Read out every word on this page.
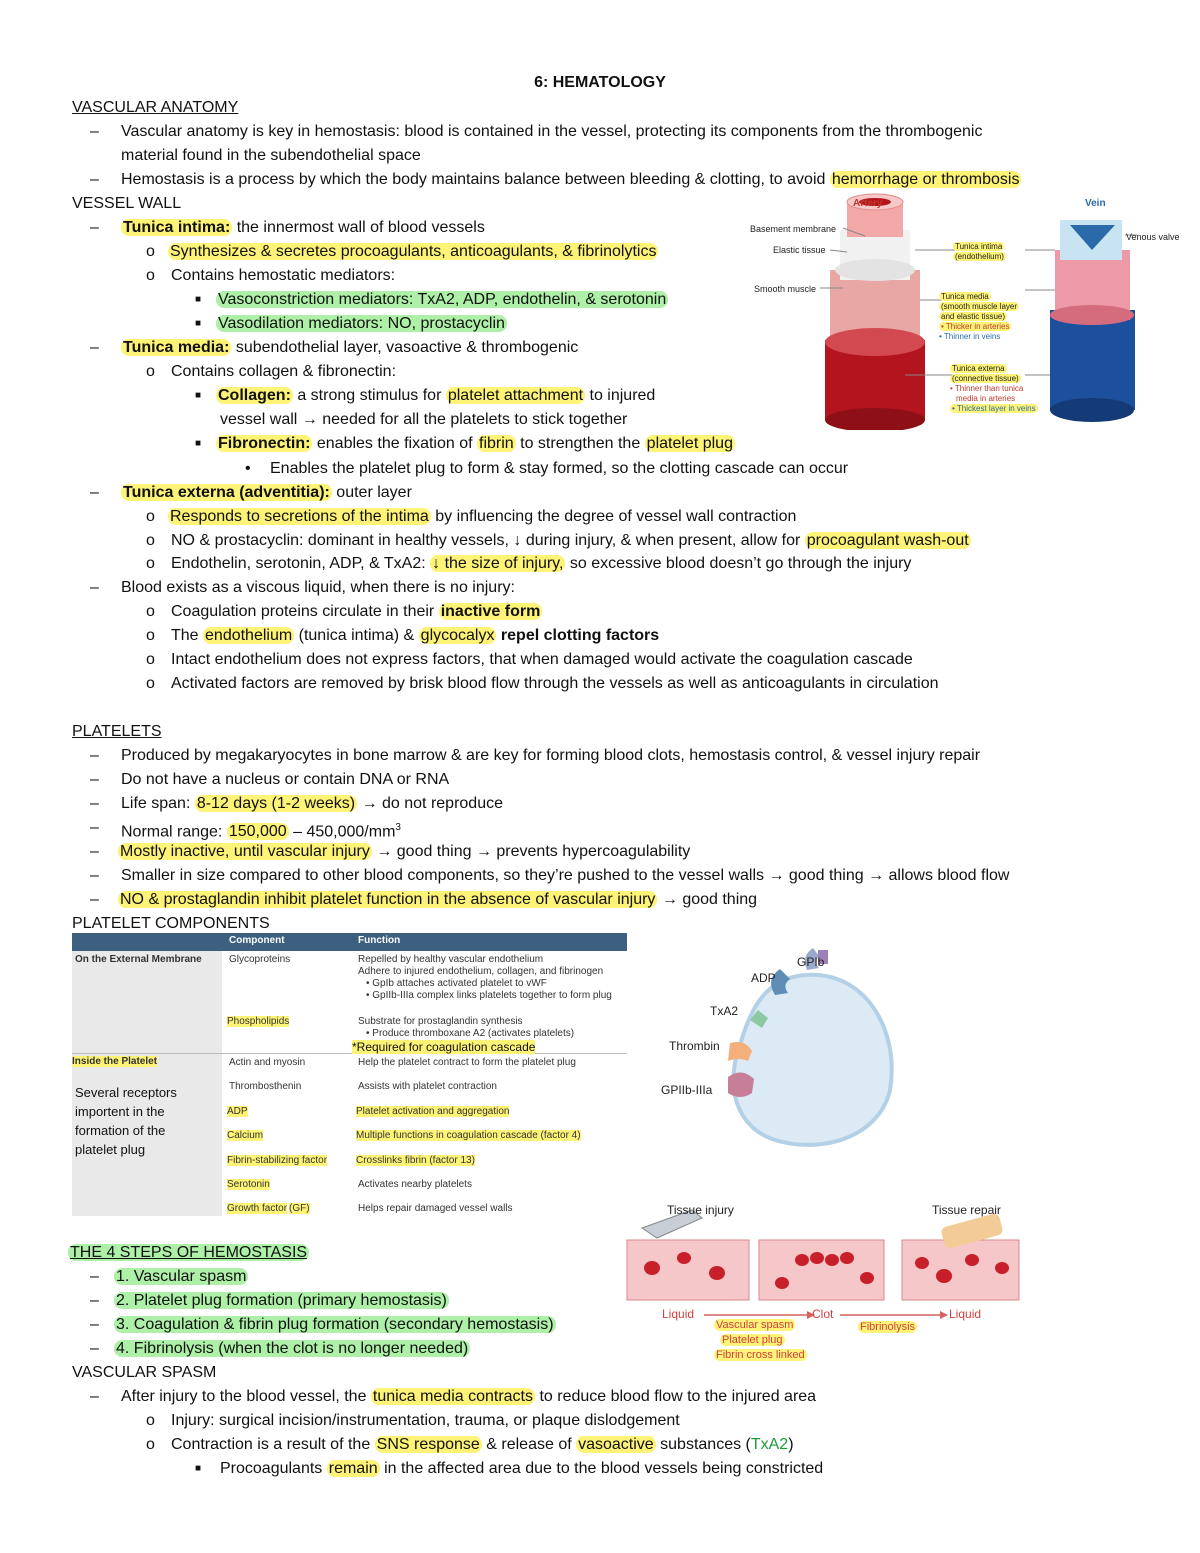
6: HEMATOLOGY
VASCULAR ANATOMY
– Vascular anatomy is key in hemostasis: blood is contained in the vessel, protecting its components from the thrombogenic
material found in the subendothelial space
– Hemostasis is a process by which the body maintains balance between bleeding & clotting, to avoid hemorrhage or thrombosis
VESSEL WALL
– Tunica intima: the innermost wall of blood vessels
o Synthesizes & secretes procoagulants, anticoagulants, & fibrinolytics
o Contains hemostatic mediators:
■ Vasoconstriction mediators: TxA2, ADP, endothelin, & serotonin
■ Vasodilation mediators: NO, prostacyclin
– Tunica media: subendothelial layer, vasoactive & thrombogenic
o Contains collagen & fibronectin:
■ Collagen: a strong stimulus for platelet attachment to injured
vessel wall → needed for all the platelets to stick together
■ Fibronectin: enables the fixation of fibrin to strengthen the platelet plug
• Enables the platelet plug to form & stay formed, so the clotting cascade can occur
– Tunica externa (adventitia): outer layer
o Responds to secretions of the intima by influencing the degree of vessel wall contraction
o NO & prostacyclin: dominant in healthy vessels, ↓ during injury, & when present, allow for procoagulant wash-out
o Endothelin, serotonin, ADP, & TxA2: ↓ the size of injury, so excessive blood doesn’t go through the injury
– Blood exists as a viscous liquid, when there is no injury:
o Coagulation proteins circulate in their inactive form
o The endothelium (tunica intima) & glycocalyx repel clotting factors
o Intact endothelium does not express factors, that when damaged would activate the coagulation cascade
o Activated factors are removed by brisk blood flow through the vessels as well as anticoagulants in circulation
Artery	Vein
Basement membrane
Elastic tissue
Smooth muscle
Venous valve
Tunica intima
(endothelium)
Tunica media
(smooth muscle layer
and elastic tissue)
• Thicker in arteries
• Thinner in veins
Tunica externa
(connective tissue)
• Thinner than tunica
media in arteries
• Thickest layer in veins
PLATELETS
– Produced by megakaryocytes in bone marrow & are key for forming blood clots, hemostasis control, & vessel injury repair
– Do not have a nucleus or contain DNA or RNA
– Life span: 8-12 days (1-2 weeks) → do not reproduce
– Normal range: $150,000 - 450,000/mm^3$
– Mostly inactive, until vascular injury → good thing → prevents hypercoagulability
– Smaller in size compared to other blood components, so they’re pushed to the vessel walls → good thing → allows blood flow
– NO & prostaglandin inhibit platelet function in the absence of vascular injury → good thing
PLATELET COMPONENTS
Component	Function
On the External Membrane
Inside the Platelet
Several receptors
importent in the
formation of the
platelet plug
Glycoproteins	Repelled by healthy vascular endothelium
Adhere to injured endothelium, collagen, and fibrinogen
• GpIb attaches activated platelet to vWF
• GpIIb-IIIa complex links platelets together to form plug
Phospholipids	Substrate for prostaglandin synthesis
• Produce thromboxane A2 (activates platelets)
*Required for coagulation cascade
Actin and myosin	Help the platelet contract to form the platelet plug
Thrombosthenin	Assists with platelet contraction
ADP	Platelet activation and aggregation
Calcium	Multiple functions in coagulation cascade (factor 4)
Fibrin-stabilizing factor	Crosslinks fibrin (factor 13)
Serotonin	Activates nearby platelets
Growth factor (GF)	Helps repair damaged vessel walls
GPIb
ADP
TxA2
Thrombin
GPIIb-IIIa
Tissue injury	Tissue repair
Liquid	Clot	Liquid
Vascular spasm
Platelet plug
Fibrin cross linked
Fibrinolysis
THE 4 STEPS OF HEMOSTASIS
– 1. Vascular spasm
– 2. Platelet plug formation (primary hemostasis)
– 3. Coagulation & fibrin plug formation (secondary hemostasis)
– 4. Fibrinolysis (when the clot is no longer needed)
VASCULAR SPASM
– After injury to the blood vessel, the tunica media contracts to reduce blood flow to the injured area
o Injury: surgical incision/instrumentation, trauma, or plaque dislodgement
o Contraction is a result of the SNS response & release of vasoactive substances (TxA2)
■ Procoagulants remain in the affected area due to the blood vessels being constricted
